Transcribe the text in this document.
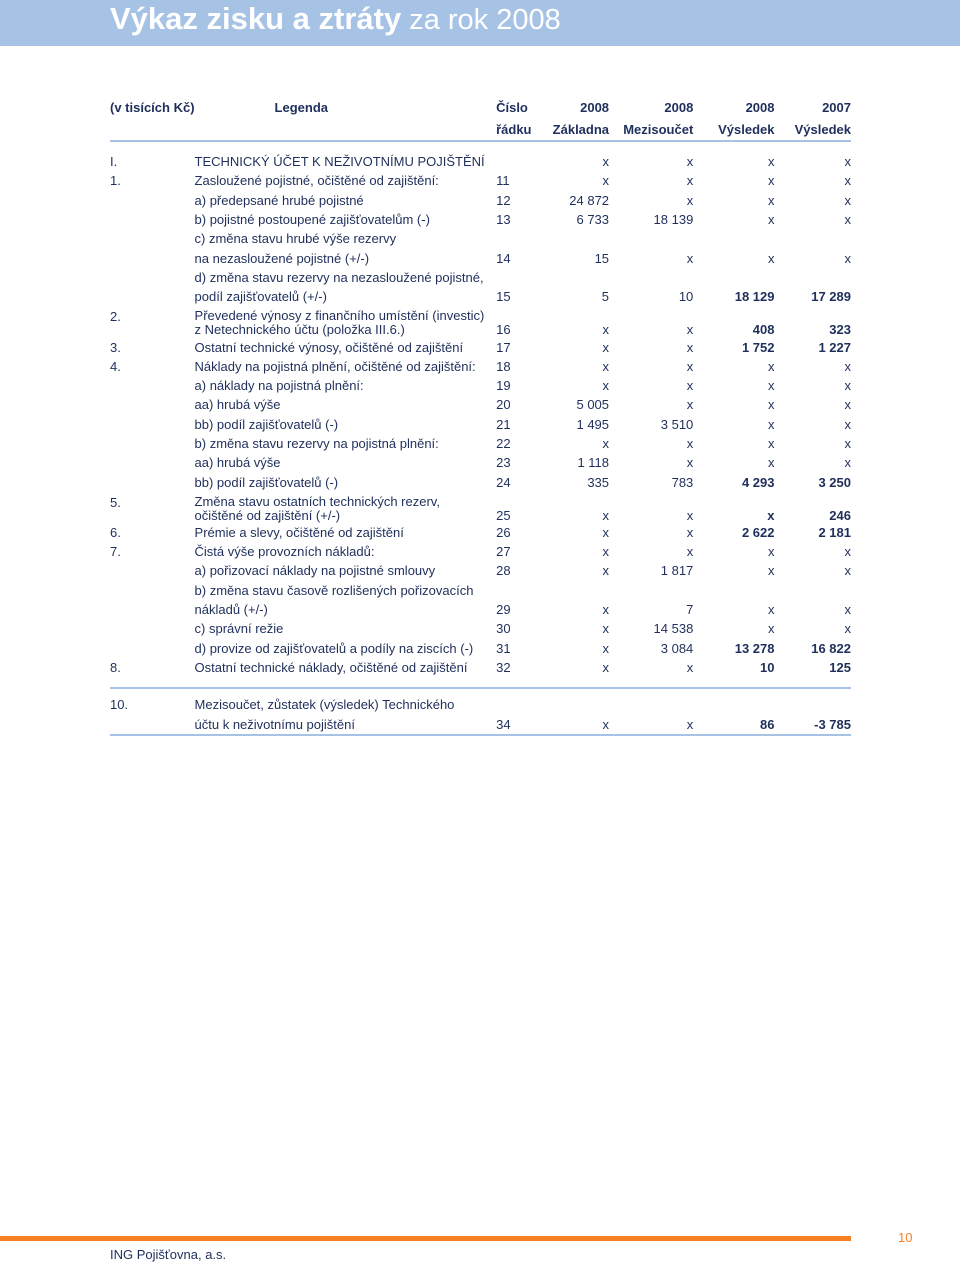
Výkaz zisku a ztráty za rok 2008
(v tisících Kč)	Legenda	Číslo	2008	2008	2008	2007
		řádku	Základna	Mezisoučet	Výsledek	Výsledek

I.	TECHNICKÝ ÚČET K NEŽIVOTNÍMU POJIŠTĚNÍ		x	x	x	x
1.	Zasloužené pojistné, očištěné od zajištění:	11	x	x	x	x
	a) předepsané hrubé pojistné	12	24 872	x	x	x
	b) pojistné postoupené zajišťovatelům (-)	13	6 733	18 139	x	x
	c) změna stavu hrubé výše rezervy					
	na nezasloužené pojistné (+/-)	14	15	x	x	x
	d) změna stavu rezervy na nezasloužené pojistné,					
	podíl zajišťovatelů (+/-)	15	5	10	18 129	17 289
2.	Převedené výnosy z finančního umístění (investic)
z Netechnického účtu (položka III.6.)	16	x	x	408	323
3.	Ostatní technické výnosy, očištěné od zajištění	17	x	x	1 752	1 227
4.	Náklady na pojistná plnění, očištěné od zajištění:	18	x	x	x	x
	a) náklady na pojistná plnění:	19	x	x	x	x
	aa) hrubá výše	20	5 005	x	x	x
	bb) podíl zajišťovatelů (-)	21	1 495	3 510	x	x
	b) změna stavu rezervy na pojistná plnění:	22	x	x	x	x
	aa) hrubá výše	23	1 118	x	x	x
	bb) podíl zajišťovatelů (-)	24	335	783	4 293	3 250
5.	Změna stavu ostatních technických rezerv,
očištěné od zajištění (+/-)	25	x	x	x	246
6.	Prémie a slevy, očištěné od zajištění	26	x	x	2 622	2 181
7.	Čistá výše provozních nákladů:	27	x	x	x	x
	a) pořizovací náklady na pojistné smlouvy	28	x	1 817	x	x
	b) změna stavu časově rozlišených pořizovacích					
	nákladů (+/-)	29	x	7	x	x
	c) správní režie	30	x	14 538	x	x
	d) provize od zajišťovatelů a podíly na ziscích (-)	31	x	3 084	13 278	16 822
8.	Ostatní technické náklady, očištěné od zajištění	32	x	x	10	125

10.	Mezisoučet, zůstatek (výsledek) Technického					
	účtu k neživotnímu pojištění	34	x	x	86	-3 785
ING Pojišťovna, a.s.
10
